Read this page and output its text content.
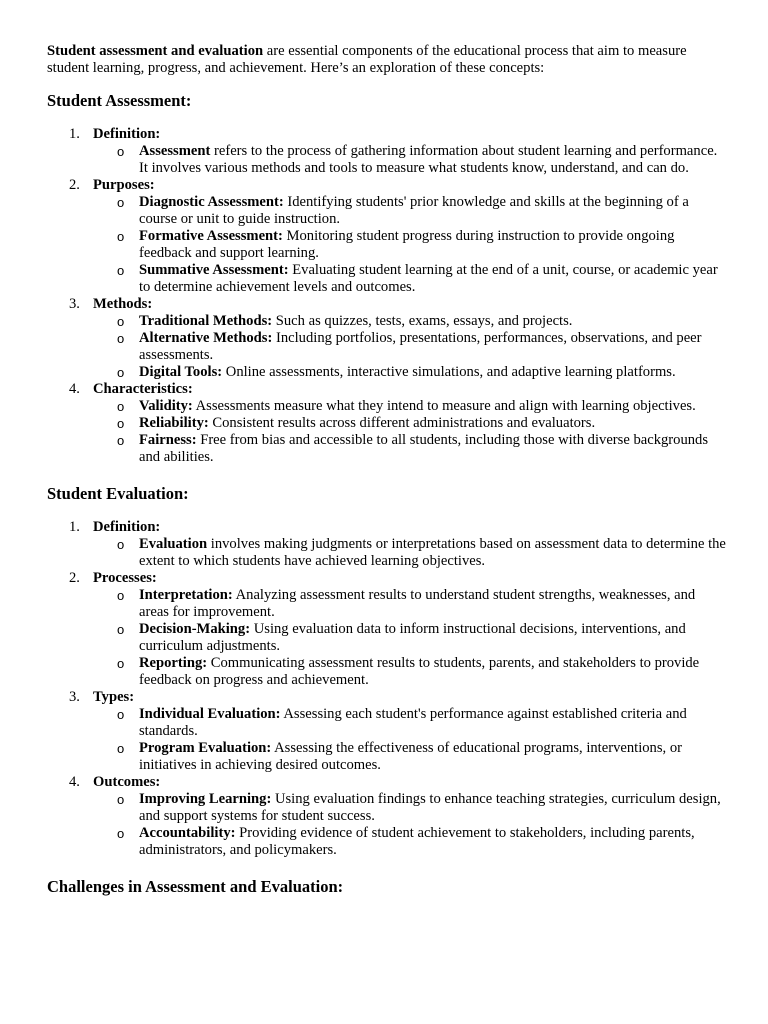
Student assessment and evaluation are essential components of the educational process that aim to measure student learning, progress, and achievement. Here’s an exploration of these concepts:

Student Assessment:
1. Definition:
o Assessment refers to the process of gathering information about student learning and performance. It involves various methods and tools to measure what students know, understand, and can do.
2. Purposes:
o Diagnostic Assessment: Identifying students' prior knowledge and skills at the beginning of a course or unit to guide instruction.
o Formative Assessment: Monitoring student progress during instruction to provide ongoing feedback and support learning.
o Summative Assessment: Evaluating student learning at the end of a unit, course, or academic year to determine achievement levels and outcomes.
3. Methods:
o Traditional Methods: Such as quizzes, tests, exams, essays, and projects.
o Alternative Methods: Including portfolios, presentations, performances, observations, and peer assessments.
o Digital Tools: Online assessments, interactive simulations, and adaptive learning platforms.
4. Characteristics:
o Validity: Assessments measure what they intend to measure and align with learning objectives.
o Reliability: Consistent results across different administrations and evaluators.
o Fairness: Free from bias and accessible to all students, including those with diverse backgrounds and abilities.
Student Evaluation:
1. Definition:
o Evaluation involves making judgments or interpretations based on assessment data to determine the extent to which students have achieved learning objectives.
2. Processes:
o Interpretation: Analyzing assessment results to understand student strengths, weaknesses, and areas for improvement.
o Decision-Making: Using evaluation data to inform instructional decisions, interventions, and curriculum adjustments.
o Reporting: Communicating assessment results to students, parents, and stakeholders to provide feedback on progress and achievement.
3. Types:
o Individual Evaluation: Assessing each student's performance against established criteria and standards.
o Program Evaluation: Assessing the effectiveness of educational programs, interventions, or initiatives in achieving desired outcomes.
4. Outcomes:
o Improving Learning: Using evaluation findings to enhance teaching strategies, curriculum design, and support systems for student success.
o Accountability: Providing evidence of student achievement to stakeholders, including parents, administrators, and policymakers.
Challenges in Assessment and Evaluation:
